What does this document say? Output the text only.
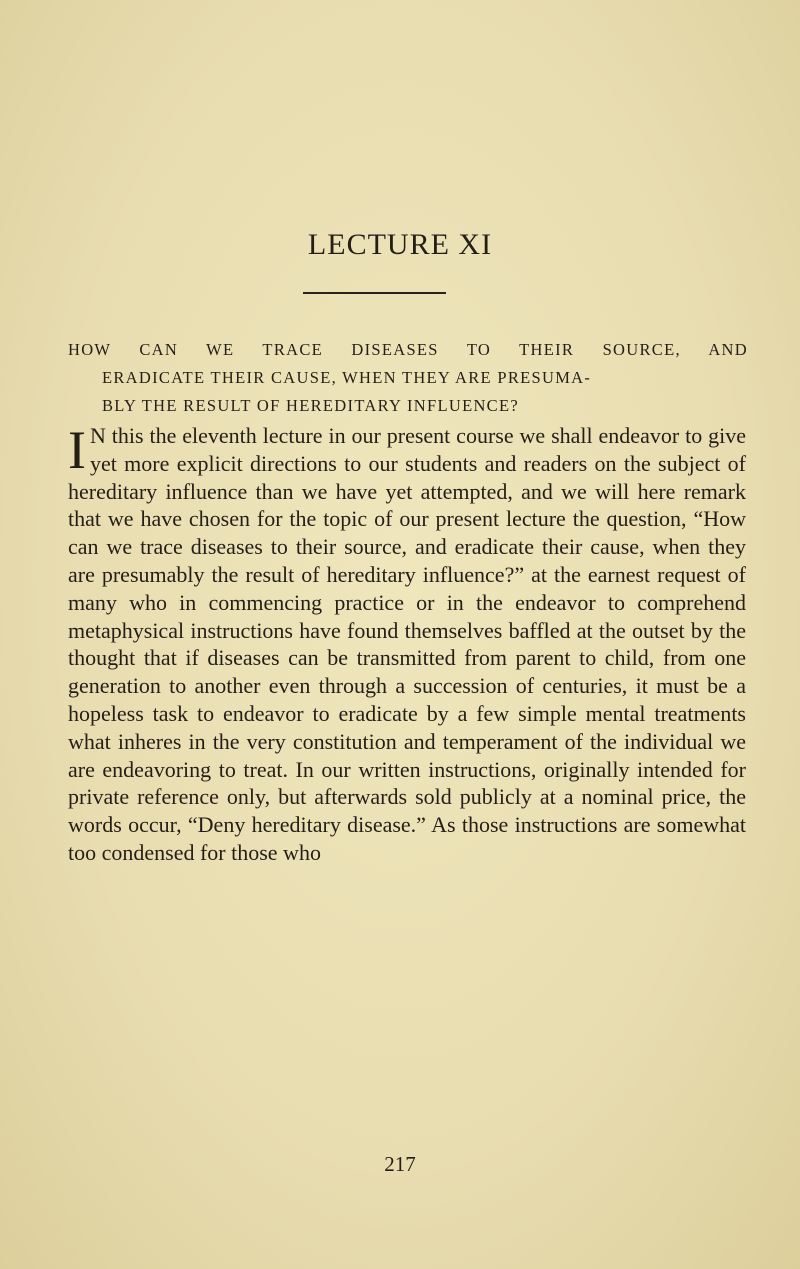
LECTURE XI
HOW CAN WE TRACE DISEASES TO THEIR SOURCE, AND
ERADICATE THEIR CAUSE, WHEN THEY ARE PRESUMA-
BLY THE RESULT OF HEREDITARY INFLUENCE?

I N this the eleventh lecture in our present course we shall endeavor to give yet more explicit directions to our students and readers on the subject of hereditary influence than we have yet attempted, and we will here remark that we have chosen for the topic of our present lecture the question, “How can we trace diseases to their source, and eradicate their cause, when they are presumably the result of hereditary influence?” at the earnest request of many who in commencing practice or in the endeavor to comprehend metaphysical instructions have found themselves baffled at the outset by the thought that if diseases can be transmitted from parent to child, from one generation to another even through a succession of centuries, it must be a hopeless task to endeavor to eradicate by a few simple mental treatments what inheres in the very constitution and temperament of the individual we are endeavoring to treat. In our written instructions, originally intended for private reference only, but afterwards sold publicly at a nominal price, the words occur, “Deny hereditary disease.” As those instructions are somewhat too condensed for those who

217
